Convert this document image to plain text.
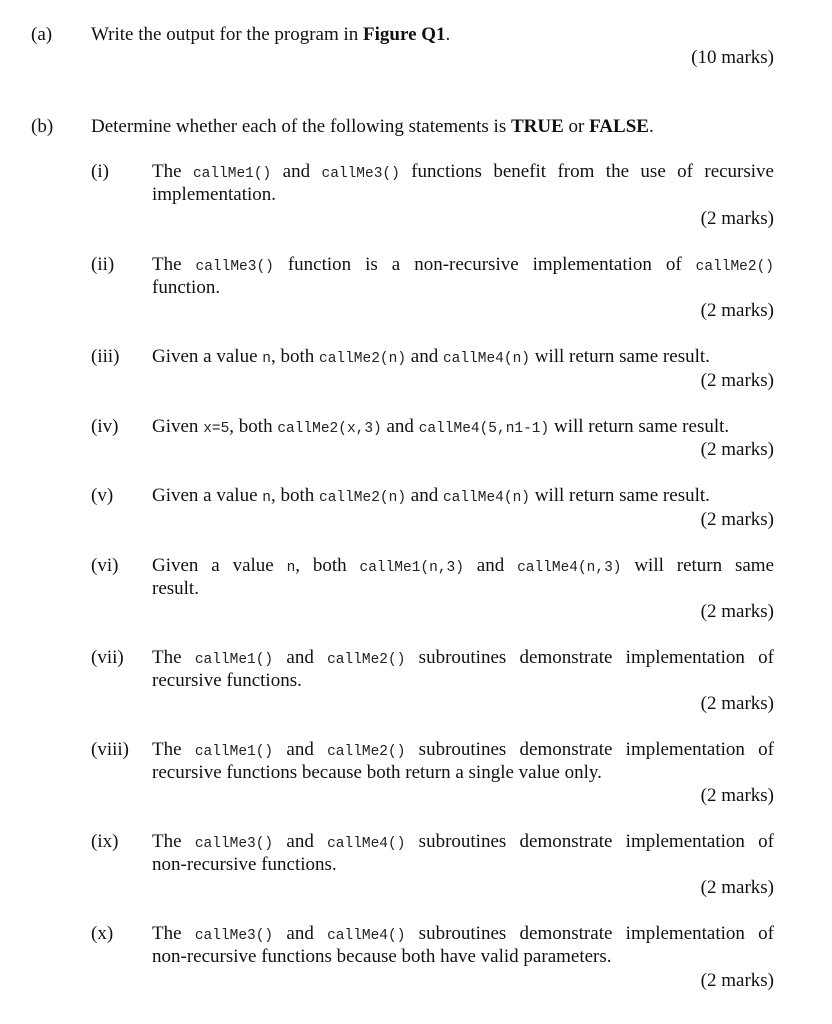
(a) Write the output for the program in Figure Q1.
(10 marks)
(b) Determine whether each of the following statements is TRUE or FALSE.
(i) The callMe1() and callMe3() functions benefit from the use of recursive
implementation.
(2 marks)
(ii) The callMe3() function is a non-recursive implementation of callMe2()
function.
(2 marks)
(iii) Given a value n, both callMe2(n) and callMe4(n) will return same result.
(2 marks)
(iv) Given x=5, both callMe2(x,3) and callMe4(5,n1-1) will return same result.
(2 marks)
(v) Given a value n, both callMe2(n) and callMe4(n) will return same result.
(2 marks)
(vi) Given a value n, both callMe1(n,3) and callMe4(n,3) will return same
result.
(2 marks)
(vii) The callMe1() and callMe2() subroutines demonstrate implementation of
recursive functions.
(2 marks)
(viii) The callMe1() and callMe2() subroutines demonstrate implementation of
recursive functions because both return a single value only.
(2 marks)
(ix) The callMe3() and callMe4() subroutines demonstrate implementation of
non-recursive functions.
(2 marks)
(x) The callMe3() and callMe4() subroutines demonstrate implementation of
non-recursive functions because both have valid parameters.
(2 marks)
